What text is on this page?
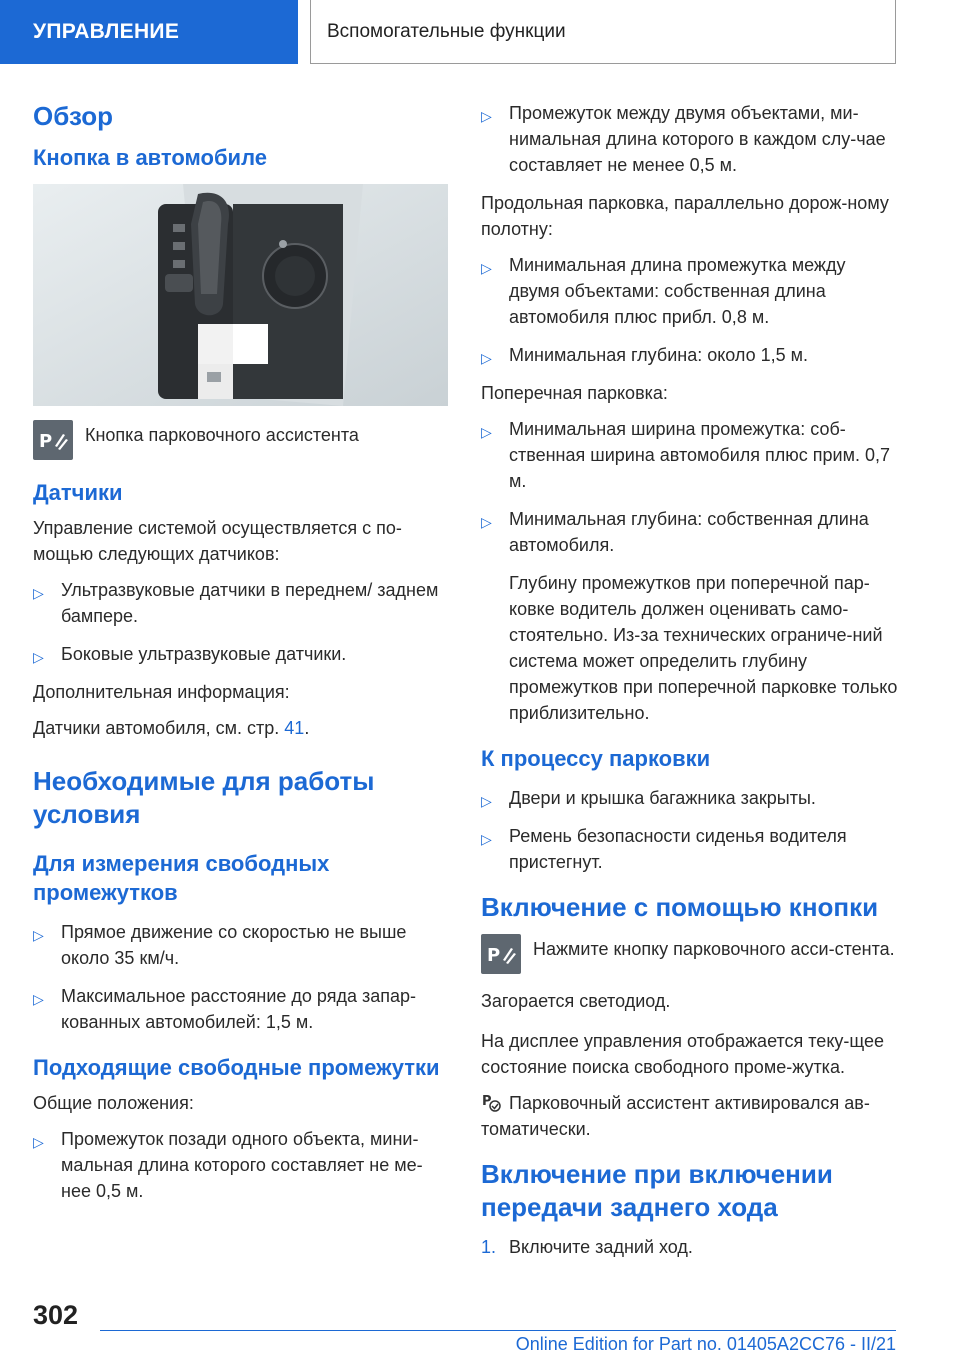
УПРАВЛЕНИЕ	Вспомогательные функции
Обзор
Кнопка в автомобиле
P Кнопка парковочного ассистента
Датчики

Управление системой осуществляется с по-мощью следующих датчиков:

▷ Ультразвуковые датчики в переднем/ заднем бампере.
▷ Боковые ультразвуковые датчики.

Дополнительная информация:

Датчики автомобиля, см. стр. 41.

Необходимые для работы условия
Для измерения свободных промежутков
▷ Прямое движение со скоростью не выше около 35 км/ч.
▷ Максимальное расстояние до ряда запар-кованных автомобилей: 1,5 м.
Подходящие свободные промежутки

Общие положения:

▷ Промежуток позади одного объекта, мини-мальная длина которого составляет не ме-нее 0,5 м.
▷ Промежуток между двумя объектами, ми-нимальная длина которого в каждом слу-чае составляет не менее 0,5 м.

Продольная парковка, параллельно дорож-ному полотну:

▷ Минимальная длина промежутка между двумя объектами: собственная длина автомобиля плюс прибл. 0,8 м.
▷ Минимальная глубина: около 1,5 м.

Поперечная парковка:

▷ Минимальная ширина промежутка: соб-ственная ширина автомобиля плюс прим. 0,7 м.
▷ Минимальная глубина: собственная длина автомобиля.
Глубину промежутков при поперечной пар-ковке водитель должен оценивать само-стоятельно. Из-за технических ограниче-ний система может определить глубину промежутков при поперечной парковке только приблизительно.
К процессу парковки
▷ Двери и крышка багажника закрыты.
▷ Ремень безопасности сиденья водителя пристегнут.
Включение с помощью кнопки
P Нажмите кнопку парковочного асси-стента.

Загорается светодиод.

На дисплее управления отображается теку-щее состояние поиска свободного проме-жутка.

P Парковочный ассистент активировался ав-томатически.

Включение при включении передачи заднего хода
1. Включите задний ход.
302
Online Edition for Part no. 01405A2CC76 - II/21
